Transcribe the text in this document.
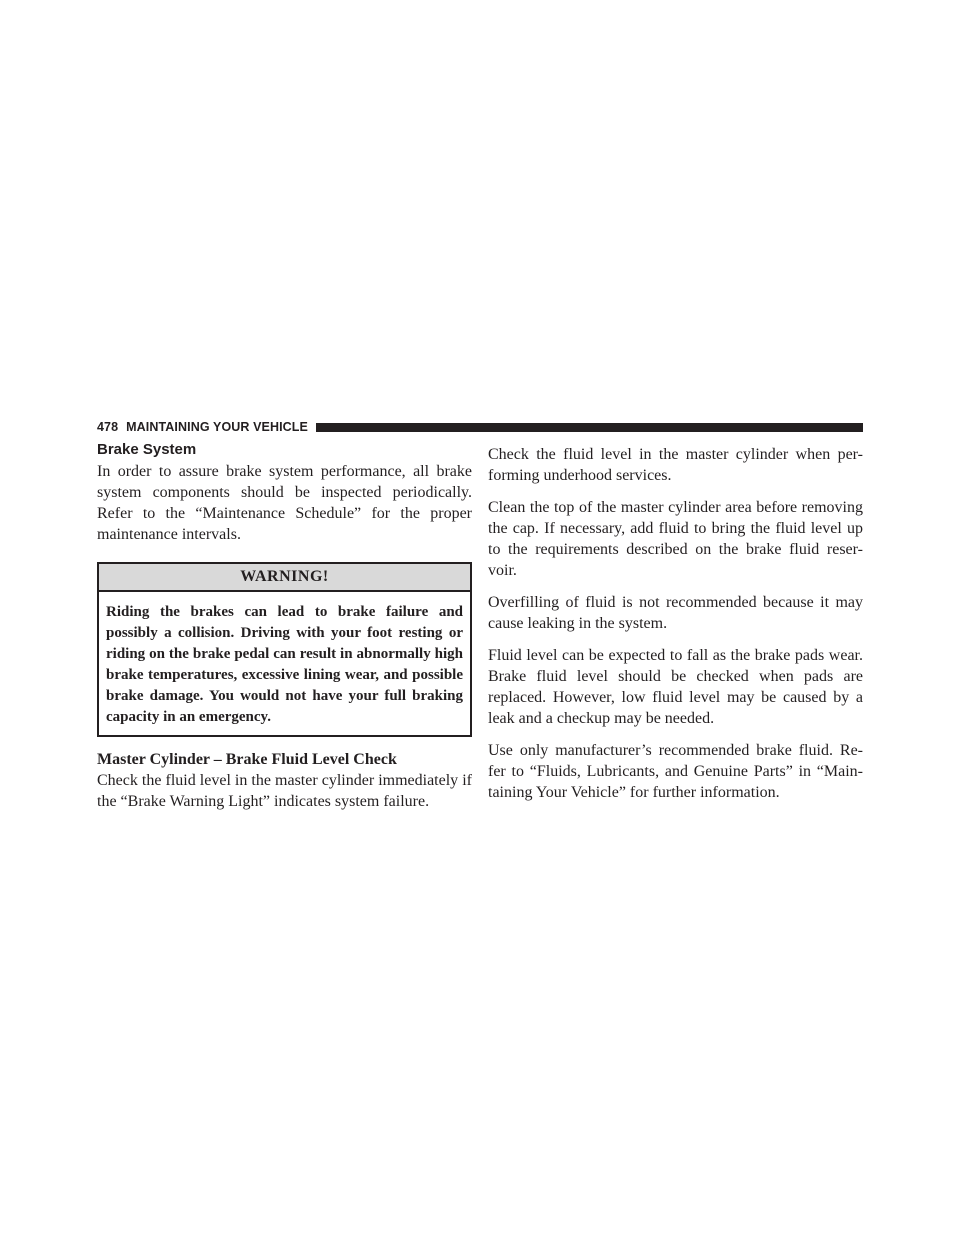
478 MAINTAINING YOUR VEHICLE
Brake System

In order to assure brake system performance, all brake system components should be inspected periodically. Refer to the “Maintenance Schedule” for the proper maintenance intervals.

WARNING!
Riding the brakes can lead to brake failure and possibly a collision. Driving with your foot resting or riding on the brake pedal can result in abnormally high brake temperatures, excessive lining wear, and possible brake damage. You would not have your full braking capacity in an emergency.
Master Cylinder – Brake Fluid Level Check

Check the fluid level in the master cylinder immediately if the “Brake Warning Light” indicates system failure.

Check the fluid level in the master cylinder when per- forming underhood services.

Clean the top of the master cylinder area before removing the cap. If necessary, add fluid to bring the fluid level up to the requirements described on the brake fluid reser- voir.

Overfilling of fluid is not recommended because it may cause leaking in the system.

Fluid level can be expected to fall as the brake pads wear. Brake fluid level should be checked when pads are replaced. However, low fluid level may be caused by a leak and a checkup may be needed.

Use only manufacturer’s recommended brake fluid. Re- fer to “Fluids, Lubricants, and Genuine Parts” in “Main- taining Your Vehicle” for further information.
